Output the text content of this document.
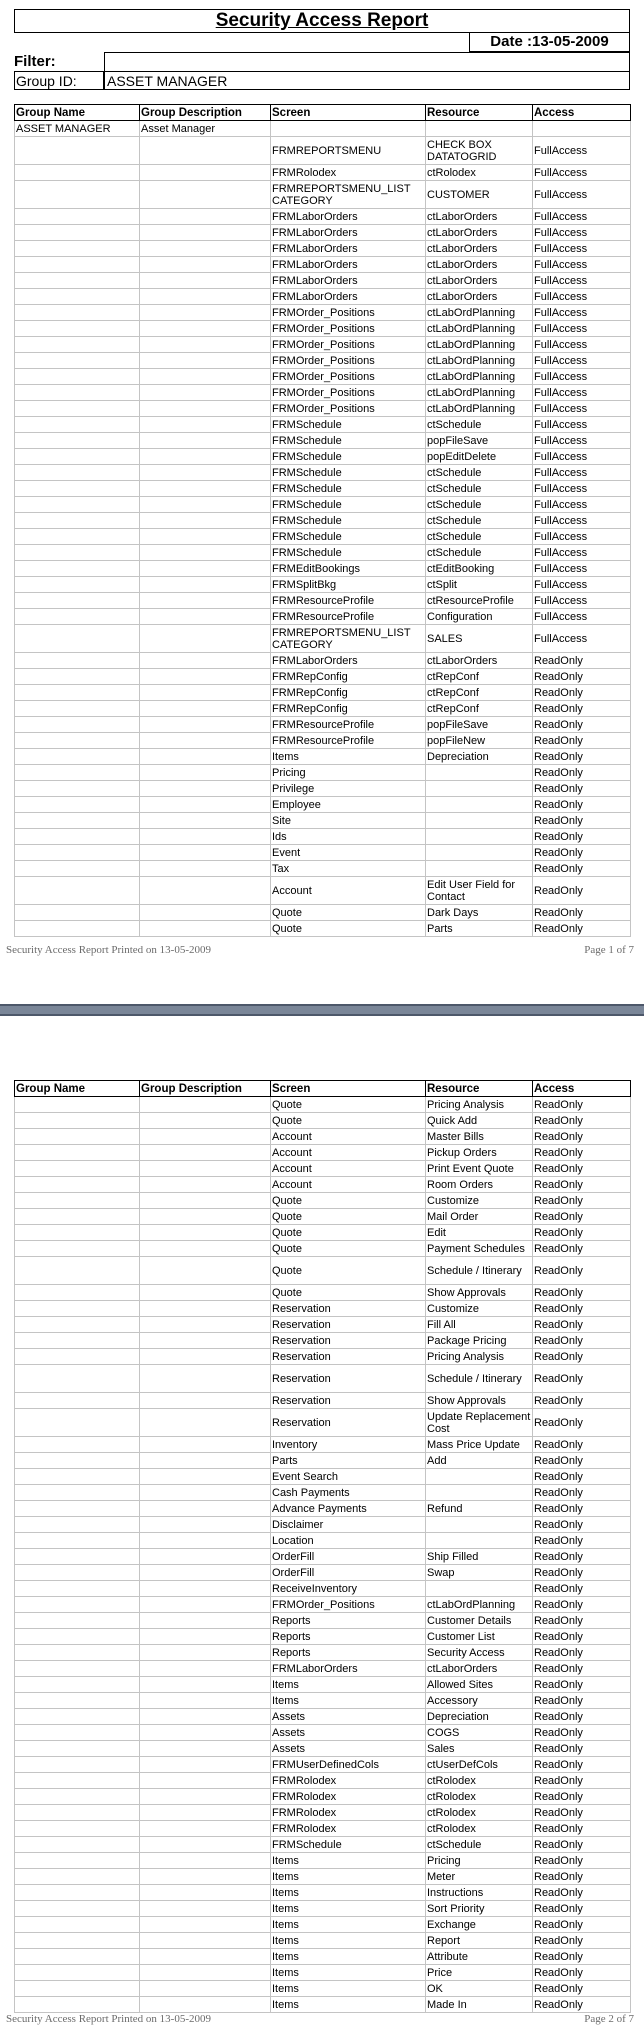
Security Access Report
Date :13-05-2009
Filter:
Group ID:	ASSET MANAGER
Group Name	Group Description	Screen	Resource	Access
ASSET MANAGER	Asset Manager			
		FRMREPORTSMENU	CHECK BOX DATATOGRID	FullAccess
		FRMRolodex	ctRolodex	FullAccess
		FRMREPORTSMENU_LIST CATEGORY	CUSTOMER	FullAccess
		FRMLaborOrders	ctLaborOrders	FullAccess
		FRMLaborOrders	ctLaborOrders	FullAccess
		FRMLaborOrders	ctLaborOrders	FullAccess
		FRMLaborOrders	ctLaborOrders	FullAccess
		FRMLaborOrders	ctLaborOrders	FullAccess
		FRMLaborOrders	ctLaborOrders	FullAccess
		FRMOrder_Positions	ctLabOrdPlanning	FullAccess
		FRMOrder_Positions	ctLabOrdPlanning	FullAccess
		FRMOrder_Positions	ctLabOrdPlanning	FullAccess
		FRMOrder_Positions	ctLabOrdPlanning	FullAccess
		FRMOrder_Positions	ctLabOrdPlanning	FullAccess
		FRMOrder_Positions	ctLabOrdPlanning	FullAccess
		FRMOrder_Positions	ctLabOrdPlanning	FullAccess
		FRMSchedule	ctSchedule	FullAccess
		FRMSchedule	popFileSave	FullAccess
		FRMSchedule	popEditDelete	FullAccess
		FRMSchedule	ctSchedule	FullAccess
		FRMSchedule	ctSchedule	FullAccess
		FRMSchedule	ctSchedule	FullAccess
		FRMSchedule	ctSchedule	FullAccess
		FRMSchedule	ctSchedule	FullAccess
		FRMSchedule	ctSchedule	FullAccess
		FRMEditBookings	ctEditBooking	FullAccess
		FRMSplitBkg	ctSplit	FullAccess
		FRMResourceProfile	ctResourceProfile	FullAccess
		FRMResourceProfile	Configuration	FullAccess
		FRMREPORTSMENU_LIST CATEGORY	SALES	FullAccess
		FRMLaborOrders	ctLaborOrders	ReadOnly
		FRMRepConfig	ctRepConf	ReadOnly
		FRMRepConfig	ctRepConf	ReadOnly
		FRMRepConfig	ctRepConf	ReadOnly
		FRMResourceProfile	popFileSave	ReadOnly
		FRMResourceProfile	popFileNew	ReadOnly
		Items	Depreciation	ReadOnly
		Pricing		ReadOnly
		Privilege		ReadOnly
		Employee		ReadOnly
		Site		ReadOnly
		Ids		ReadOnly
		Event		ReadOnly
		Tax		ReadOnly
		Account	Edit User Field for Contact	ReadOnly
		Quote	Dark Days	ReadOnly
		Quote	Parts	ReadOnly
Security Access Report Printed on 13-05-2009	Page 1 of 7
Group Name	Group Description	Screen	Resource	Access
		Quote	Pricing Analysis	ReadOnly
		Quote	Quick Add	ReadOnly
		Account	Master Bills	ReadOnly
		Account	Pickup Orders	ReadOnly
		Account	Print Event Quote	ReadOnly
		Account	Room Orders	ReadOnly
		Quote	Customize	ReadOnly
		Quote	Mail Order	ReadOnly
		Quote	Edit	ReadOnly
		Quote	Payment Schedules	ReadOnly
		Quote	Schedule / Itinerary	ReadOnly
		Quote	Show Approvals	ReadOnly
		Reservation	Customize	ReadOnly
		Reservation	Fill All	ReadOnly
		Reservation	Package Pricing	ReadOnly
		Reservation	Pricing Analysis	ReadOnly
		Reservation	Schedule / Itinerary	ReadOnly
		Reservation	Show Approvals	ReadOnly
		Reservation	Update Replacement Cost	ReadOnly
		Inventory	Mass Price Update	ReadOnly
		Parts	Add	ReadOnly
		Event Search		ReadOnly
		Cash Payments		ReadOnly
		Advance Payments	Refund	ReadOnly
		Disclaimer		ReadOnly
		Location		ReadOnly
		OrderFill	Ship Filled	ReadOnly
		OrderFill	Swap	ReadOnly
		ReceiveInventory		ReadOnly
		FRMOrder_Positions	ctLabOrdPlanning	ReadOnly
		Reports	Customer Details	ReadOnly
		Reports	Customer List	ReadOnly
		Reports	Security Access	ReadOnly
		FRMLaborOrders	ctLaborOrders	ReadOnly
		Items	Allowed Sites	ReadOnly
		Items	Accessory	ReadOnly
		Assets	Depreciation	ReadOnly
		Assets	COGS	ReadOnly
		Assets	Sales	ReadOnly
		FRMUserDefinedCols	ctUserDefCols	ReadOnly
		FRMRolodex	ctRolodex	ReadOnly
		FRMRolodex	ctRolodex	ReadOnly
		FRMRolodex	ctRolodex	ReadOnly
		FRMRolodex	ctRolodex	ReadOnly
		FRMSchedule	ctSchedule	ReadOnly
		Items	Pricing	ReadOnly
		Items	Meter	ReadOnly
		Items	Instructions	ReadOnly
		Items	Sort Priority	ReadOnly
		Items	Exchange	ReadOnly
		Items	Report	ReadOnly
		Items	Attribute	ReadOnly
		Items	Price	ReadOnly
		Items	OK	ReadOnly
		Items	Made In	ReadOnly
Security Access Report Printed on 13-05-2009	Page 2 of 7
